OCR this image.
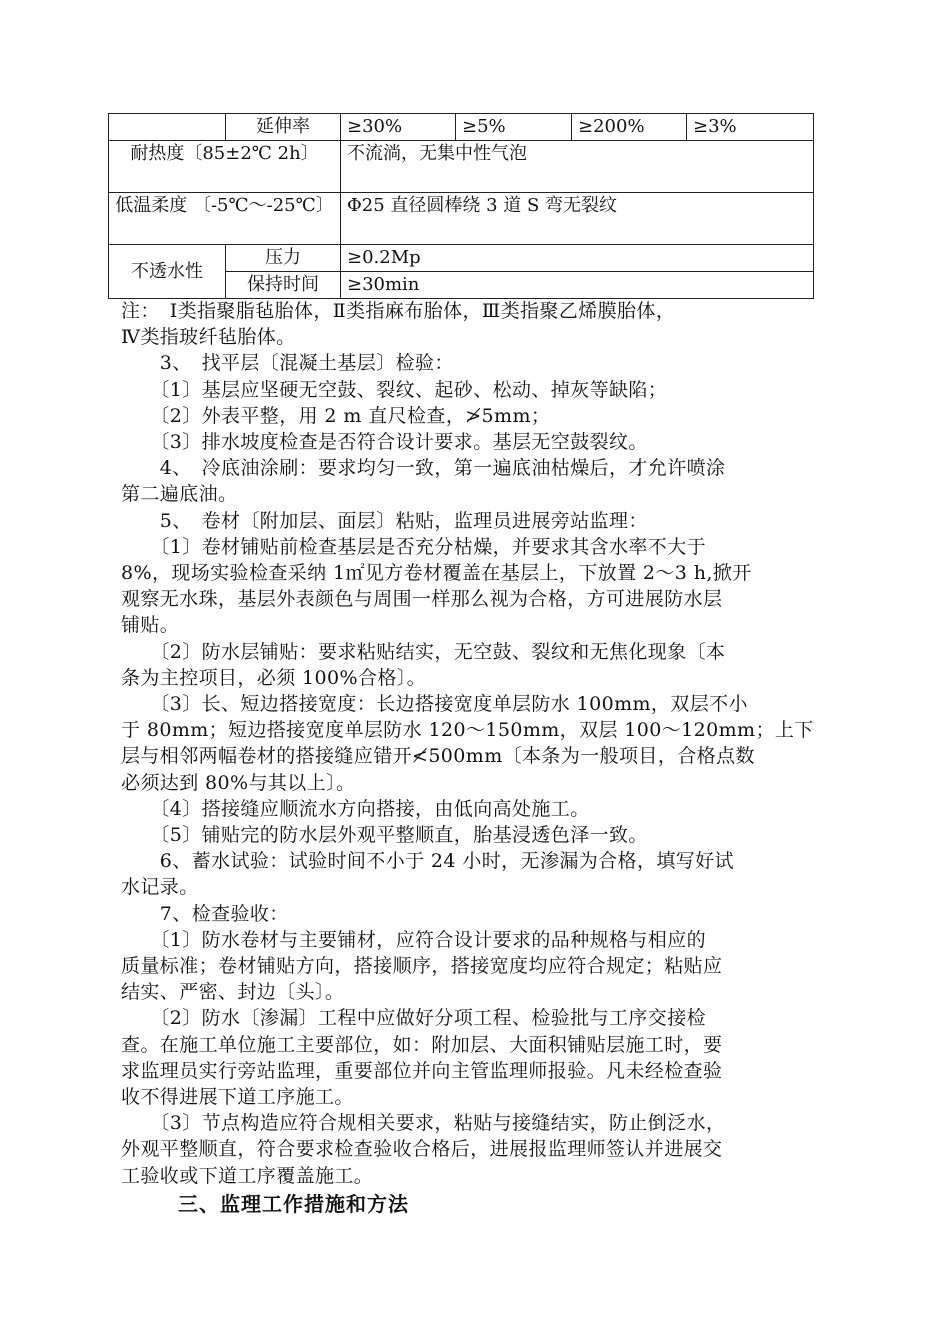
	延伸率	≥30%	≥5%	≥200%	≥3%
耐热度〔85±2℃ 2h〕		不流淌，无集中性气泡			
低温柔度 〔-5℃～-25℃〕		Φ25 直径圆棒绕 3 道 S 弯无裂纹			
不透水性	压力	≥0.2Mp			
	保持时间	≥30min			

注：　Ⅰ类指聚脂毡胎体，Ⅱ类指麻布胎体，Ⅲ类指聚乙烯膜胎体，

Ⅳ类指玻纤毡胎体。

　　3、　找平层〔混凝土基层〕检验：

　　〔1〕基层应坚硬无空鼓、裂纹、起砂、松动、掉灰等缺陷；

　　〔2〕外表平整，用 2 m 直尺检查，≯5mm；

　　〔3〕排水坡度检查是否符合设计要求。基层无空鼓裂纹。

　　4、　冷底油涂刷：要求均匀一致，第一遍底油枯燥后，才允许喷涂

第二遍底油。

　　5、　卷材〔附加层、面层〕粘贴，监理员进展旁站监理：

　　〔1〕卷材铺贴前检查基层是否充分枯燥，并要求其含水率不大于

8%，现场实验检查采纳 1㎡见方卷材覆盖在基层上，下放置 2～3 h,掀开

观察无水珠，基层外表颜色与周围一样那么视为合格，方可进展防水层

铺贴。

　　〔2〕防水层铺贴：要求粘贴结实，无空鼓、裂纹和无焦化现象〔本

条为主控项目，必须 100%合格〕。

　　〔3〕长、短边搭接宽度：长边搭接宽度单层防水 100mm，双层不小

于 80mm；短边搭接宽度单层防水 120～150mm，双层 100～120mm；上下

层与相邻两幅卷材的搭接缝应错开≮500mm〔本条为一般项目，合格点数

必须达到 80%与其以上〕。

　　〔4〕搭接缝应顺流水方向搭接，由低向高处施工。

　　〔5〕铺贴完的防水层外观平整顺直，胎基浸透色泽一致。

　　6、蓄水试验：试验时间不小于 24 小时，无渗漏为合格，填写好试

水记录。

　　7、检查验收：

　　〔1〕防水卷材与主要铺材，应符合设计要求的品种规格与相应的

质量标准；卷材铺贴方向，搭接顺序，搭接宽度均应符合规定；粘贴应

结实、严密、封边〔头〕。

　　〔2〕防水〔渗漏〕工程中应做好分项工程、检验批与工序交接检

查。在施工单位施工主要部位，如：附加层、大面积铺贴层施工时，要

求监理员实行旁站监理，重要部位并向主管监理师报验。凡未经检查验

收不得进展下道工序施工。

　　〔3〕节点构造应符合规相关要求，粘贴与接缝结实，防止倒泛水，

外观平整顺直，符合要求检查验收合格后，进展报监理师签认并进展交

工验收或下道工序覆盖施工。

三、监理工作措施和方法
